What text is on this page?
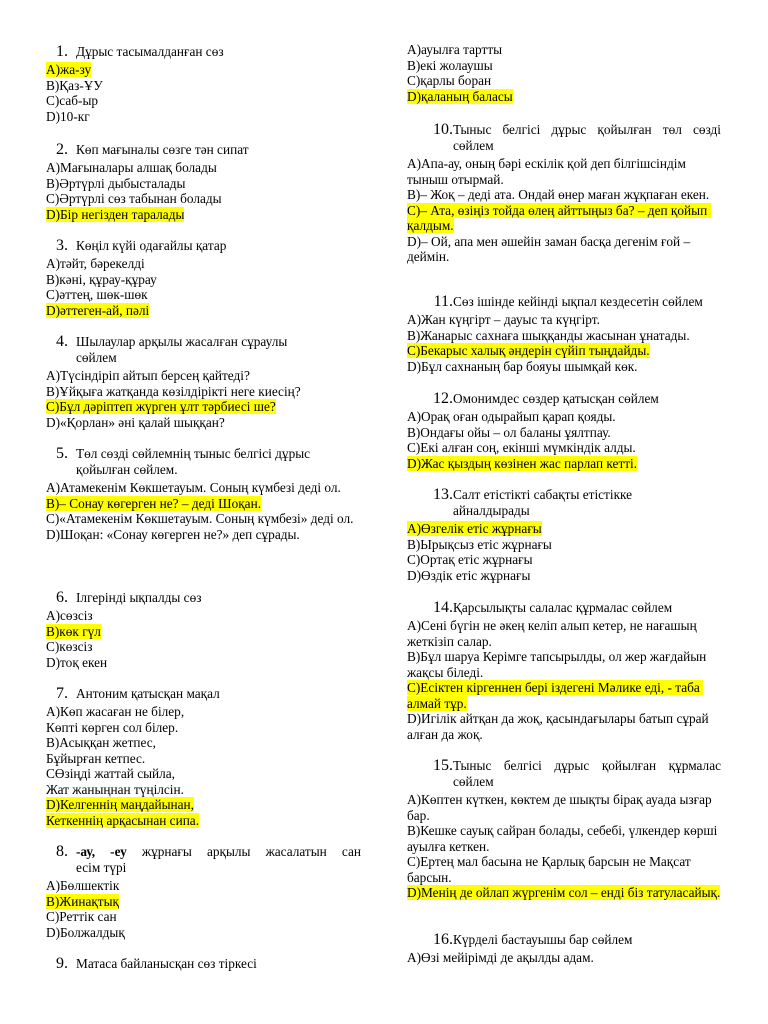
1. Дұрыс тасымалданған сөз
А)жа-зу
В)Қаз-ҰУ
С)саб-ыр
D)10-кг
2. Көп мағыналы сөзге тән сипат
А)Мағыналары алшақ болады
В)Әртүрлі дыбысталады
С)Әртүрлі сөз табынан болады
D)Бір негізден таралады
3. Көңіл күйі одағайлы қатар
А)тәйт, бәрекелді
В)кәні, құрау-құрау
С)әттең, шөк-шөк
D)әттеген-ай, пәлі
4. Шылаулар арқылы жасалған сұраулы
сөйлем
А)Түсіндіріп айтып берсең қайтеді?
В)Ұйқыға жатқанда көзілдірікті неге киесің?
С)Бұл дәріптеп жүрген ұлт тәрбиесі ше?
D)«Қорлан» әні қалай шыққан?
5. Төл сөзді сөйлемнің тыныс белгісі дұрыс
қойылған сөйлем.
А)Атамекенім Көкшетауым. Соның күмбезі деді ол.
В)– Сонау көгерген не? – деді Шоқан.
С)«Атамекенім Көкшетауым. Соның күмбезі» деді ол.
D)Шоқан: «Сонау көгерген не?» деп сұрады.
6. Ілгерінді ықпалды сөз
А)сөзсіз
В)көк гүл
С)көзсіз
D)тоқ екен
7. Антоним қатысқан мақал
А)Көп жасаған не білер,
Көпті көрген сол білер.
В)Асыққан жетпес,
Бұйырған кетпес.
СӨзіңді жаттай сыйла,
Жат жаныңнан түңілсін.
D)Келгеннің маңдайынан,
Кеткеннің арқасынан сипа.
8. -ау, -еу жұрнағы арқылы жасалатын сан
есім түрі
А)Бөлшектік
В)Жинақтық
С)Реттік сан
D)Болжалдық
9. Матаса байланысқан сөз тіркесі
А)ауылға тартты
В)екі жолаушы
С)қарлы боран
D)қаланың баласы
10. Тыныс белгісі дұрыс қойылған төл сөзді
сөйлем
А)Апа-ау, оның бәрі ескілік қой деп білгішсіндім тыныш отырмай.
В)– Жоқ – деді ата. Ондай өнер маған жұқпаған екен.
С)– Ата, өзіңіз тойда өлең айттыңыз ба? – деп қойып қалдым.
D)– Ой, апа мен әшейін заман басқа дегенім ғой – деймін.
11. Сөз ішінде кейінді ықпал кездесетін сөйлем
А)Жан күңгірт – дауыс та күңгірт.
В)Жанарыс сахнаға шыққанды жасынан ұнатады.
С)Бекарыс халық әндерін сүйіп тыңдайды.
D)Бұл сахнаның бар бояуы шымқай көк.
12. Омонимдес сөздер қатысқан сөйлем
А)Орақ оған одырайып қарап қояды.
В)Ондағы ойы – ол баланы ұялтпау.
С)Екі алған соң, екінші мүмкіндік алды.
D)Жас қыздың көзінен жас парлап кетті.
13. Салт етістікті сабақты етістікке
айналдырады
А)Өзгелік етіс жұрнағы
В)Ырықсыз етіс жұрнағы
С)Ортақ етіс жұрнағы
D)Өздік етіс жұрнағы
14. Қарсылықты салалас құрмалас сөйлем
А)Сені бүгін не әкең келіп алып кетер, не нағашың жеткізіп салар.
В)Бұл шаруа Керімге тапсырылды, ол жер жағдайын жақсы біледі.
С)Есіктен кіргеннен бері іздегені Мәлике еді, - таба алмай тұр.
D)Игілік айтқан да жоқ, қасындағылары батып сұрай алған да жоқ.
15. Тыныс белгісі дұрыс қойылған құрмалас
сөйлем
А)Көптен күткен, көктем де шықты бірақ ауада ызғар бар.
В)Кешке сауық сайран болады, себебі, үлкендер көрші ауылға кеткен.
С)Ертең мал басына не Қарлық барсын не Мақсат барсын.
D)Менің де ойлап жүргенім сол – енді біз татуласайық.
16. Күрделі бастауышы бар сөйлем
А)Өзі мейірімді де ақылды адам.
